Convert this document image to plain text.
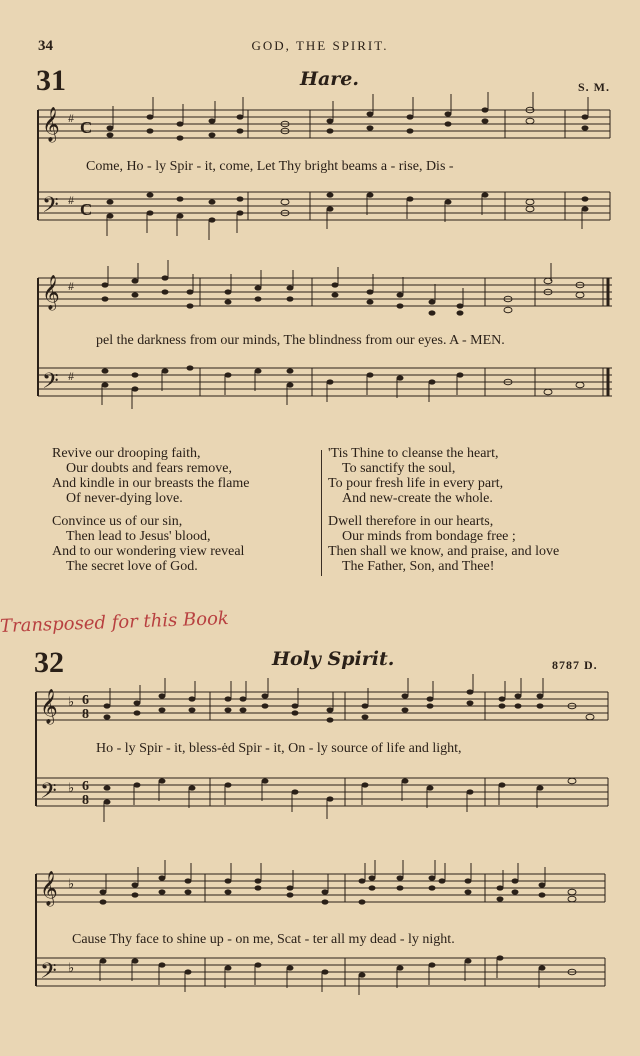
34	GOD, THE SPIRIT.
31	Hare.	S. M.
𝄞
𝄢
#
#
C
C
Come, Ho - ly Spir - it, come, Let Thy bright beams a - rise, Dis -
𝄞
𝄢
#
#
pel the darkness from our minds, The blindness from our eyes. A - MEN.
Revive our drooping faith,
Our doubts and fears remove,
And kindle in our breasts the flame
Of never-dying love.
Convince us of our sin,
Then lead to Jesus' blood,
And to our wondering view reveal
The secret love of God.
'Tis Thine to cleanse the heart,
To sanctify the soul,
To pour fresh life in every part,
And new-create the whole.
Dwell therefore in our hearts,
Our minds from bondage free ;
Then shall we know, and praise, and love
The Father, Son, and Thee!
Transposed for this Book
32	Holy Spirit.	8787 D.
𝄞
𝄢
♭
♭
6
8
6
8
Ho - ly Spir - it, bless-ėd Spir - it, On - ly source of life and light,
𝄞
𝄢
♭
♭
Cause Thy face to shine up - on me, Scat - ter all my dead - ly night.
